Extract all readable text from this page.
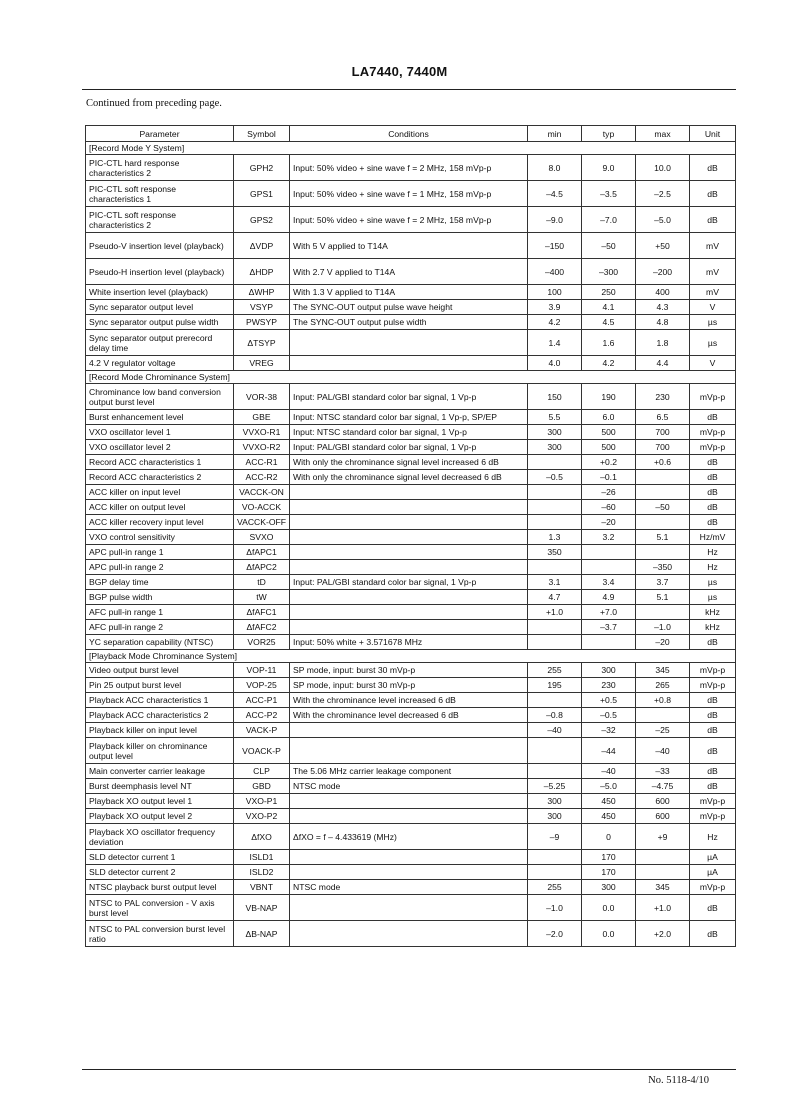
LA7440, 7440M
Continued from preceding page.
Parameter	Symbol	Conditions	min	typ	max	Unit
[Record Mode Y System]						
PIC-CTL hard response characteristics 2	GPH2	Input: 50% video + sine wave f = 2 MHz, 158 mVp-p	8.0	9.0	10.0	dB
PIC-CTL soft response characteristics 1	GPS1	Input: 50% video + sine wave f = 1 MHz, 158 mVp-p	–4.5	–3.5	–2.5	dB
PIC-CTL soft response characteristics 2	GPS2	Input: 50% video + sine wave f = 2 MHz, 158 mVp-p	–9.0	–7.0	–5.0	dB
Pseudo-V insertion level (playback)	ΔVDP	With 5 V applied to T14A	–150	–50	+50	mV
Pseudo-H insertion level (playback)	ΔHDP	With 2.7 V applied to T14A	–400	–300	–200	mV
White insertion level (playback)	ΔWHP	With 1.3 V applied to T14A	100	250	400	mV
Sync separator output level	VSYP	The SYNC-OUT output pulse wave height	3.9	4.1	4.3	V
Sync separator output pulse width	PWSYP	The SYNC-OUT output pulse width	4.2	4.5	4.8	µs
Sync separator output prerecord delay time	ΔTSYP		1.4	1.6	1.8	µs
4.2 V regulator voltage	VREG		4.0	4.2	4.4	V
[Record Mode Chrominance System]						
Chrominance low band conversion output burst level	VOR-38	Input: PAL/GBI standard color bar signal, 1 Vp-p	150	190	230	mVp-p
Burst enhancement level	GBE	Input: NTSC standard color bar signal, 1 Vp-p, SP/EP	5.5	6.0	6.5	dB
VXO oscillator level 1	VVXO-R1	Input: NTSC standard color bar signal, 1 Vp-p	300	500	700	mVp-p
VXO oscillator level 2	VVXO-R2	Input: PAL/GBI standard color bar signal, 1 Vp-p	300	500	700	mVp-p
Record ACC characteristics 1	ACC-R1	With only the chrominance signal level increased 6 dB		+0.2	+0.6	dB
Record ACC characteristics 2	ACC-R2	With only the chrominance signal level decreased 6 dB	–0.5	–0.1		dB
ACC killer on input level	VACCK-ON			–26		dB
ACC killer on output level	VO-ACCK			–60	–50	dB
ACC killer recovery input level	VACCK-OFF			–20		dB
VXO control sensitivity	SVXO		1.3	3.2	5.1	Hz/mV
APC pull-in range 1	ΔfAPC1		350			Hz
APC pull-in range 2	ΔfAPC2				–350	Hz
BGP delay time	tD	Input: PAL/GBI standard color bar signal, 1 Vp-p	3.1	3.4	3.7	µs
BGP pulse width	tW		4.7	4.9	5.1	µs
AFC pull-in range 1	ΔfAFC1		+1.0	+7.0		kHz
AFC pull-in range 2	ΔfAFC2			–3.7	–1.0	kHz
YC separation capability (NTSC)	VOR25	Input: 50% white + 3.571678 MHz			–20	dB
[Playback Mode Chrominance System]						
Video output burst level	VOP-11	SP mode, input: burst 30 mVp-p	255	300	345	mVp-p
Pin 25 output burst level	VOP-25	SP mode, input: burst 30 mVp-p	195	230	265	mVp-p
Playback ACC characteristics 1	ACC-P1	With the chrominance level increased 6 dB		+0.5	+0.8	dB
Playback ACC characteristics 2	ACC-P2	With the chrominance level decreased 6 dB	–0.8	–0.5		dB
Playback killer on input level	VACK-P		–40	–32	–25	dB
Playback killer on chrominance output level	VOACK-P			–44	–40	dB
Main converter carrier leakage	CLP	The 5.06 MHz carrier leakage component		–40	–33	dB
Burst deemphasis level NT	GBD	NTSC mode	–5.25	–5.0	–4.75	dB
Playback XO output level 1	VXO-P1		300	450	600	mVp-p
Playback XO output level 2	VXO-P2		300	450	600	mVp-p
Playback XO oscillator frequency deviation	ΔfXO	ΔfXO = f – 4.433619 (MHz)	–9	0	+9	Hz
SLD detector current 1	ISLD1			170		µA
SLD detector current 2	ISLD2			170		µA
NTSC playback burst output level	VBNT	NTSC mode	255	300	345	mVp-p
NTSC to PAL conversion - V axis burst level	VB-NAP		–1.0	0.0	+1.0	dB
NTSC to PAL conversion burst level ratio	ΔB-NAP		–2.0	0.0	+2.0	dB
No. 5118-4/10
